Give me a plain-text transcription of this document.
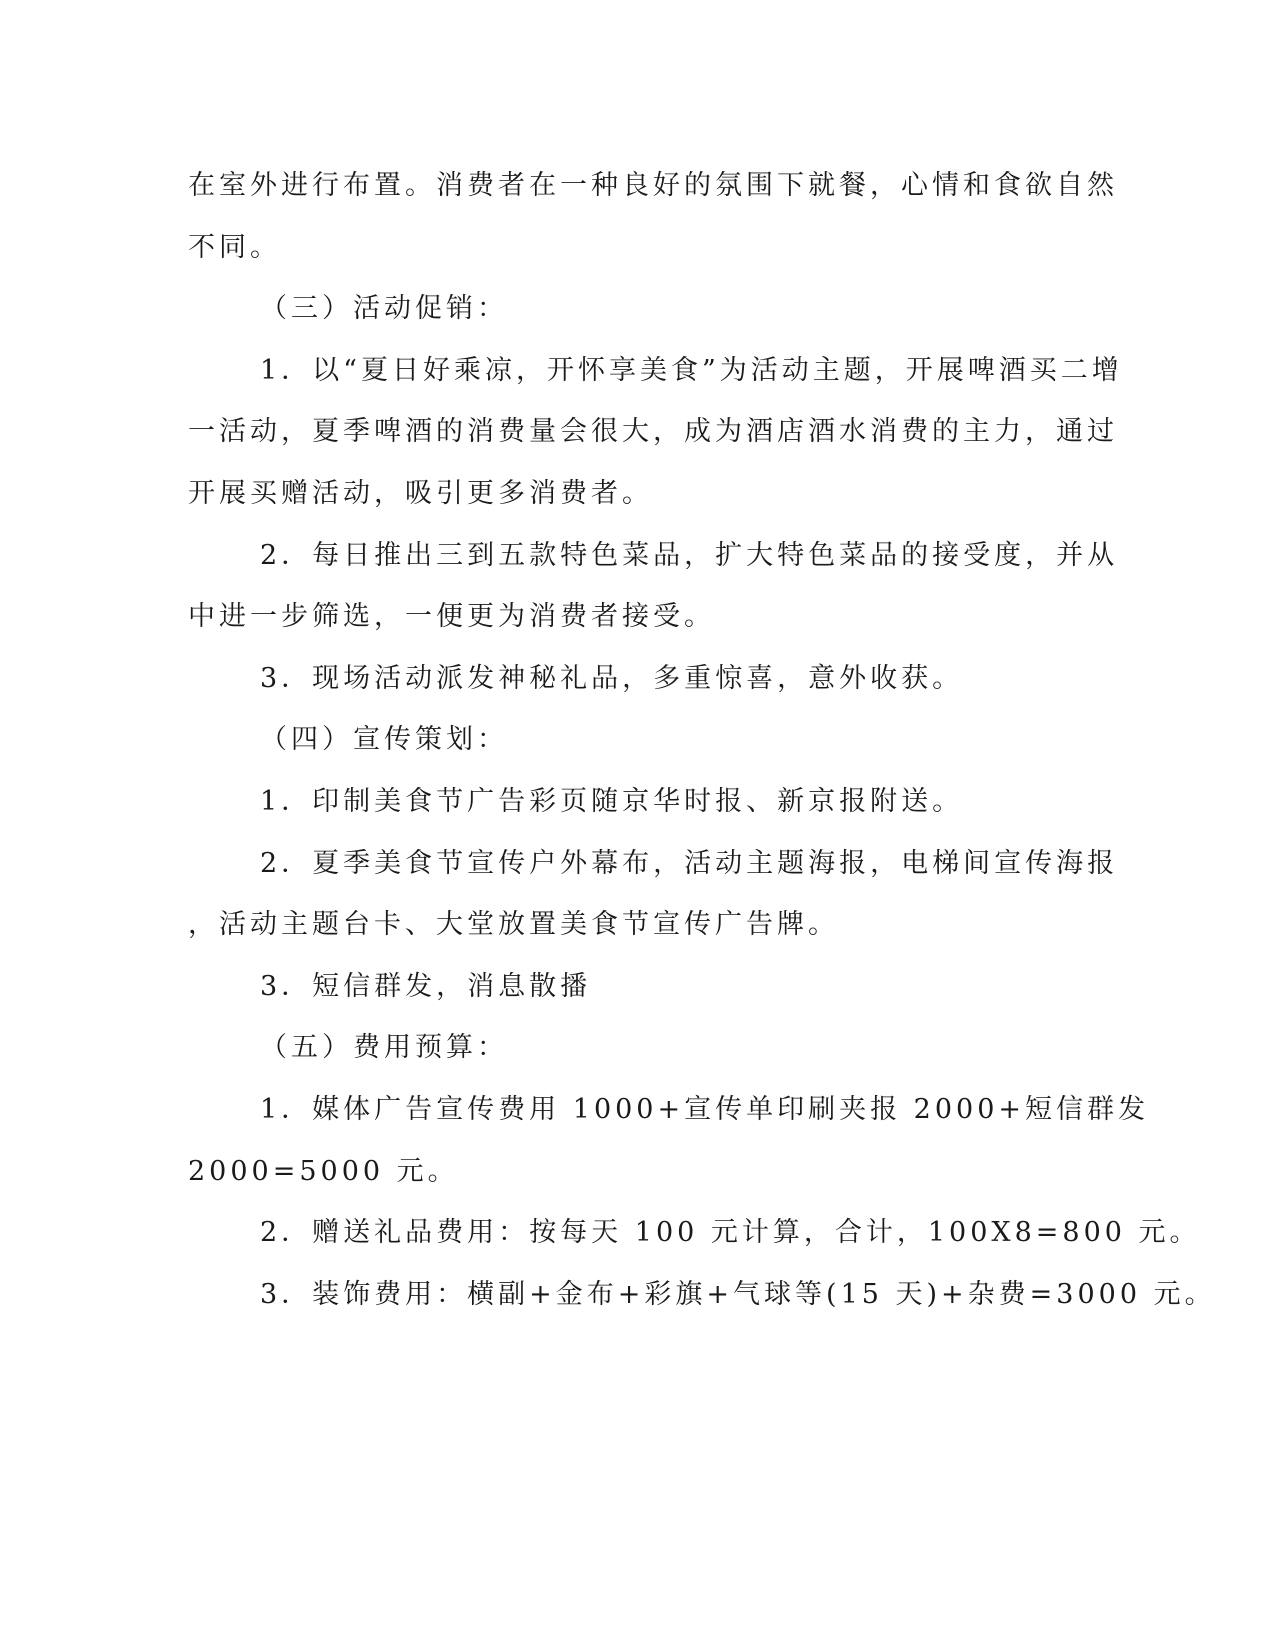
在室外进行布置。消费者在一种良好的氛围下就餐，心情和食欲自然
不同。
（三）活动促销：
1．以“夏日好乘凉，开怀享美食”为活动主题，开展啤酒买二增
一活动，夏季啤酒的消费量会很大，成为酒店酒水消费的主力，通过
开展买赠活动，吸引更多消费者。
2．每日推出三到五款特色菜品，扩大特色菜品的接受度，并从
中进一步筛选，一便更为消费者接受。
3．现场活动派发神秘礼品，多重惊喜，意外收获。
（四）宣传策划：
1．印制美食节广告彩页随京华时报、新京报附送。
2．夏季美食节宣传户外幕布，活动主题海报，电梯间宣传海报
，活动主题台卡、大堂放置美食节宣传广告牌。
3．短信群发，消息散播
（五）费用预算：
1．媒体广告宣传费用 1000+宣传单印刷夹报 2000+短信群发
2000=5000 元。
2．赠送礼品费用：按每天 100 元计算，合计，100X8=800 元。
3．装饰费用：横副+金布+彩旗+气球等(15 天)+杂费=3000 元。
